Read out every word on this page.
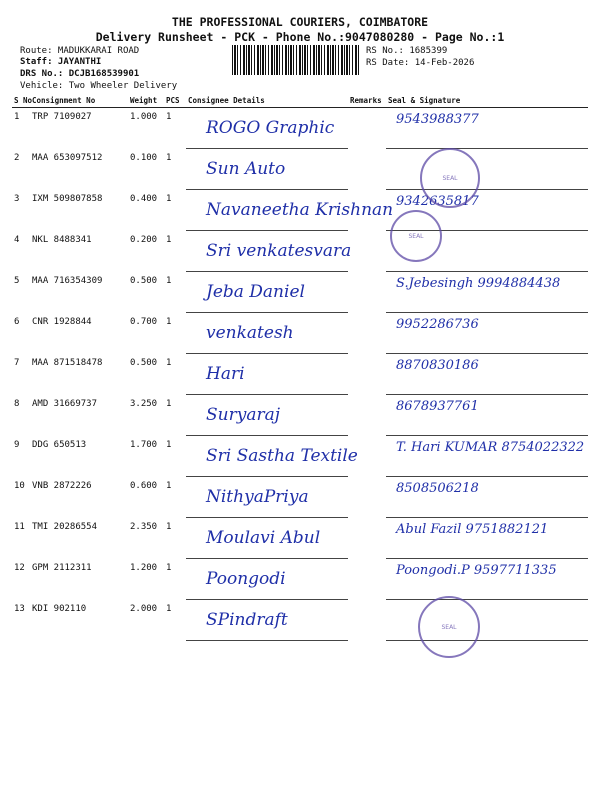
THE PROFESSIONAL COURIERS, COIMBATORE
Delivery Runsheet - PCK - Phone No.:9047080280 - Page No.:1
Route: MADUKKARAI ROAD
Staff: JAYANTHI
DRS No.: DCJB168539901
Vehicle: Two Wheeler Delivery
RS No.: 1685399
RS Date: 14-Feb-2026
S No	Consignment No	Weight	PCS	Consignee Details	Remarks	Seal & Signature
1	TRP 7109027	1.000	1	ROGO Graphic		9543988377

2	MAA 653097512	0.100	1	Sun Auto		

3	IXM 509807858	0.400	1	Navaneetha Krishnan		9342635817

4	NKL 8488341	0.200	1	Sri venkatesvara		

5	MAA 716354309	0.500	1	Jeba Daniel		S.Jebesingh 9994884438

6	CNR 1928844	0.700	1	venkatesh		9952286736

7	MAA 871518478	0.500	1	Hari		8870830186

8	AMD 31669737	3.250	1	Suryaraj		8678937761

9	DDG 650513	1.700	1	Sri Sastha Textile		T. Hari KUMAR 8754022322

10	VNB 2872226	0.600	1	NithyaPriya		8508506218

11	TMI 20286554	2.350	1	Moulavi Abul		Abul Fazil 9751882121

12	GPM 2112311	1.200	1	Poongodi		Poongodi.P 9597711335

13	KDI 902110	2.000	1	SPindraft		

SEAL
SEAL
SEAL
